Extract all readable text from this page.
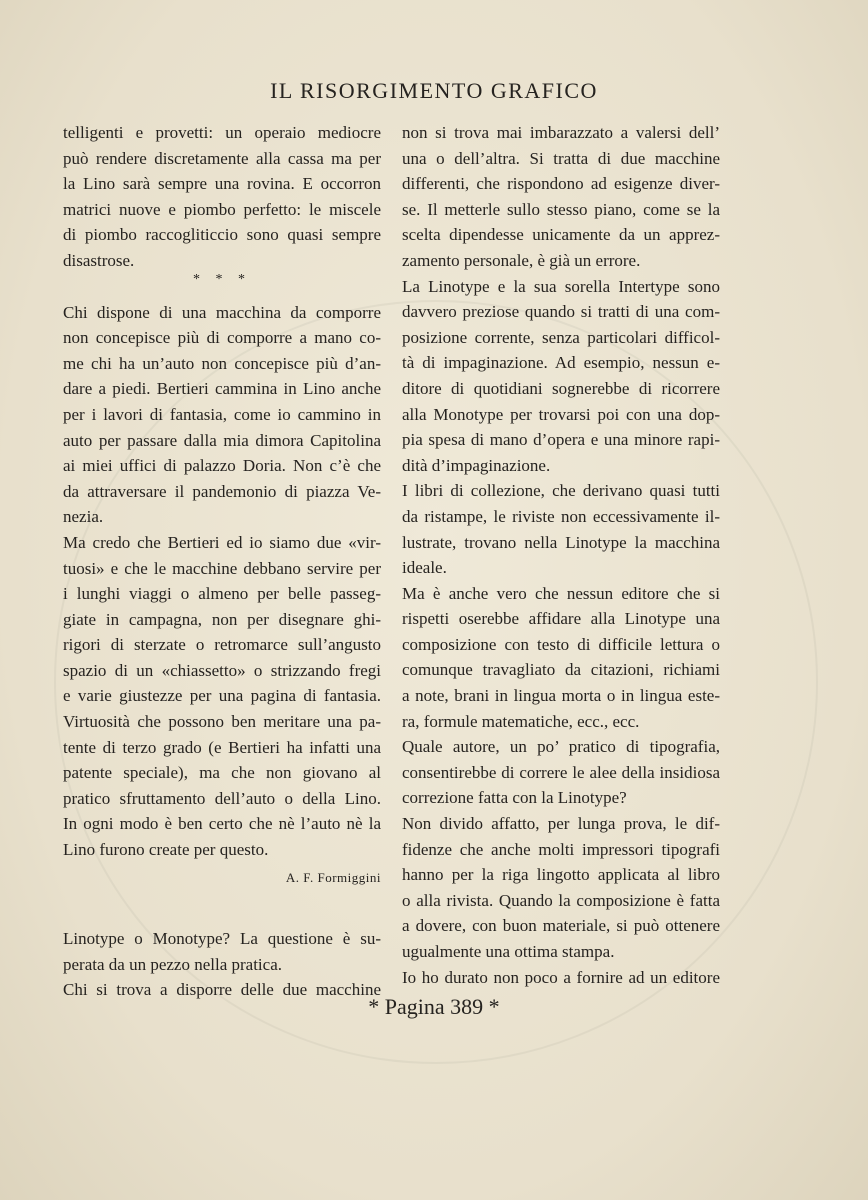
IL RISORGIMENTO GRAFICO
telligenti e provetti: un operaio mediocre
può rendere discretamente alla cassa ma per
la Lino sarà sempre una rovina. E occorron
matrici nuove e piombo perfetto: le miscele
di piombo raccogliticcio sono quasi sempre
disastrose.
* * *
Chi dispone di una macchina da comporre
non concepisce più di comporre a mano co-
me chi ha un’auto non concepisce più d’an-
dare a piedi. Bertieri cammina in Lino anche
per i lavori di fantasia, come io cammino in
auto per passare dalla mia dimora Capitolina
ai miei uffici di palazzo Doria. Non c’è che
da attraversare il pandemonio di piazza Ve-
nezia.
Ma credo che Bertieri ed io siamo due «vir-
tuosi» e che le macchine debbano servire per
i lunghi viaggi o almeno per belle passeg-
giate in campagna, non per disegnare ghi-
rigori di sterzate o retromarce sull’angusto
spazio di un «chiassetto» o strizzando fregi
e varie giustezze per una pagina di fantasia.
Virtuosità che possono ben meritare una pa-
tente di terzo grado (e Bertieri ha infatti una
patente speciale), ma che non giovano al
pratico sfruttamento dell’auto o della Lino.
In ogni modo è ben certo che nè l’auto nè la
Lino furono create per questo.
A. F. Formiggini
Linotype o Monotype? La questione è su-
perata da un pezzo nella pratica.
Chi si trova a disporre delle due macchine
non si trova mai imbarazzato a valersi dell’
una o dell’altra. Si tratta di due macchine
differenti, che rispondono ad esigenze diver-
se. Il metterle sullo stesso piano, come se la
scelta dipendesse unicamente da un apprez-
zamento personale, è già un errore.
La Linotype e la sua sorella Intertype sono
davvero preziose quando si tratti di una com-
posizione corrente, senza particolari difficol-
tà di impaginazione. Ad esempio, nessun e-
ditore di quotidiani sognerebbe di ricorrere
alla Monotype per trovarsi poi con una dop-
pia spesa di mano d’opera e una minore rapi-
dità d’impaginazione.
I libri di collezione, che derivano quasi tutti
da ristampe, le riviste non eccessivamente il-
lustrate, trovano nella Linotype la macchina
ideale.
Ma è anche vero che nessun editore che si
rispetti oserebbe affidare alla Linotype una
composizione con testo di difficile lettura o
comunque travagliato da citazioni, richiami
a note, brani in lingua morta o in lingua este-
ra, formule matematiche, ecc., ecc.
Quale autore, un po’ pratico di tipografia,
consentirebbe di correre le alee della insidiosa
correzione fatta con la Linotype?
Non divido affatto, per lunga prova, le dif-
fidenze che anche molti impressori tipografi
hanno per la riga lingotto applicata al libro
o alla rivista. Quando la composizione è fatta
a dovere, con buon materiale, si può ottenere
ugualmente una ottima stampa.
Io ho durato non poco a fornire ad un editore
* Pagina 389 *
